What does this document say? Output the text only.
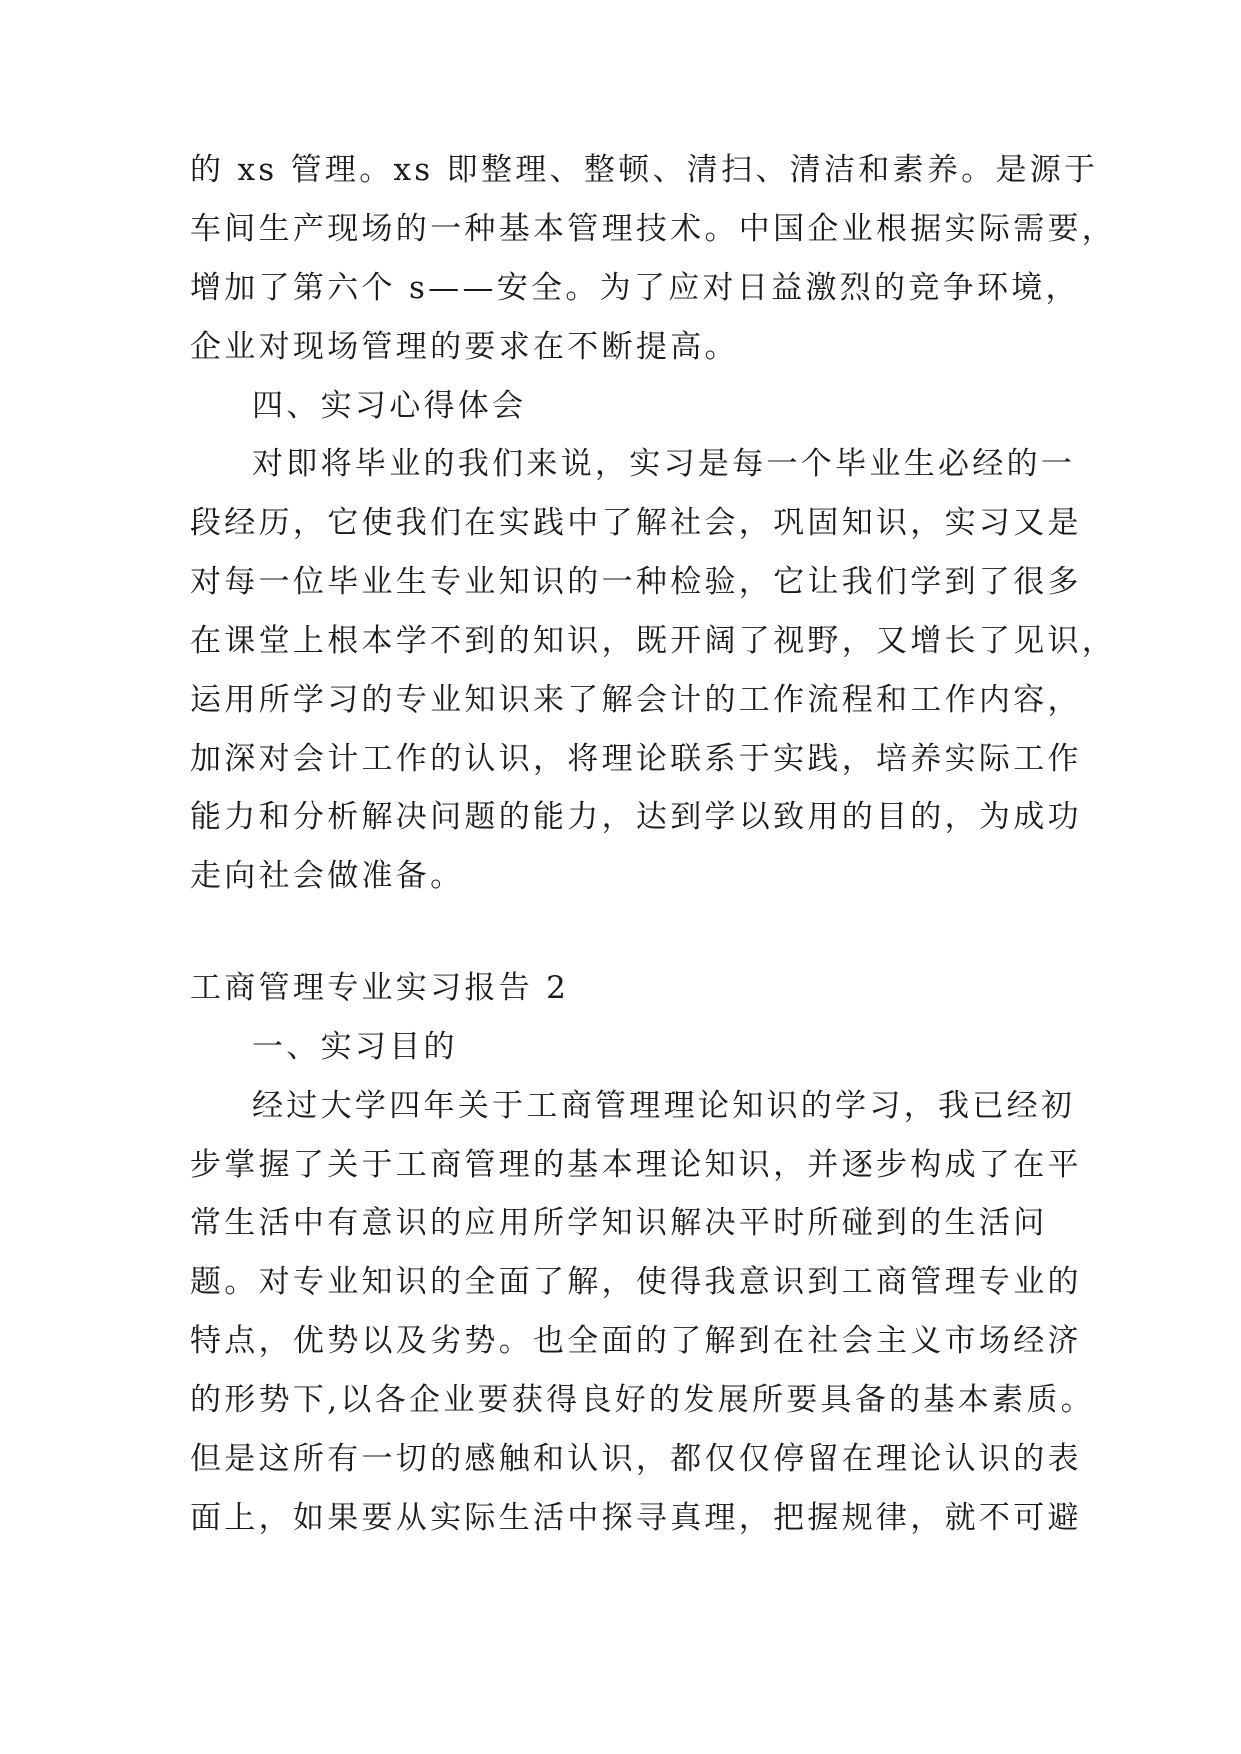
的 xs 管理。xs 即整理、整顿、清扫、清洁和素养。是源于

车间生产现场的一种基本管理技术。中国企业根据实际需要，

增加了第六个 s——安全。为了应对日益激烈的竞争环境，

企业对现场管理的要求在不断提高。

四、实习心得体会

对即将毕业的我们来说，实习是每一个毕业生必经的一

段经历，它使我们在实践中了解社会，巩固知识，实习又是

对每一位毕业生专业知识的一种检验，它让我们学到了很多

在课堂上根本学不到的知识，既开阔了视野，又增长了见识，

运用所学习的专业知识来了解会计的工作流程和工作内容，

加深对会计工作的认识，将理论联系于实践，培养实际工作

能力和分析解决问题的能力，达到学以致用的目的，为成功

走向社会做准备。

工商管理专业实习报告 2

一、实习目的

经过大学四年关于工商管理理论知识的学习，我已经初

步掌握了关于工商管理的基本理论知识，并逐步构成了在平

常生活中有意识的应用所学知识解决平时所碰到的生活问

题。对专业知识的全面了解，使得我意识到工商管理专业的

特点，优势以及劣势。也全面的了解到在社会主义市场经济

的形势下,以各企业要获得良好的发展所要具备的基本素质。

但是这所有一切的感触和认识，都仅仅停留在理论认识的表

面上，如果要从实际生活中探寻真理，把握规律，就不可避
